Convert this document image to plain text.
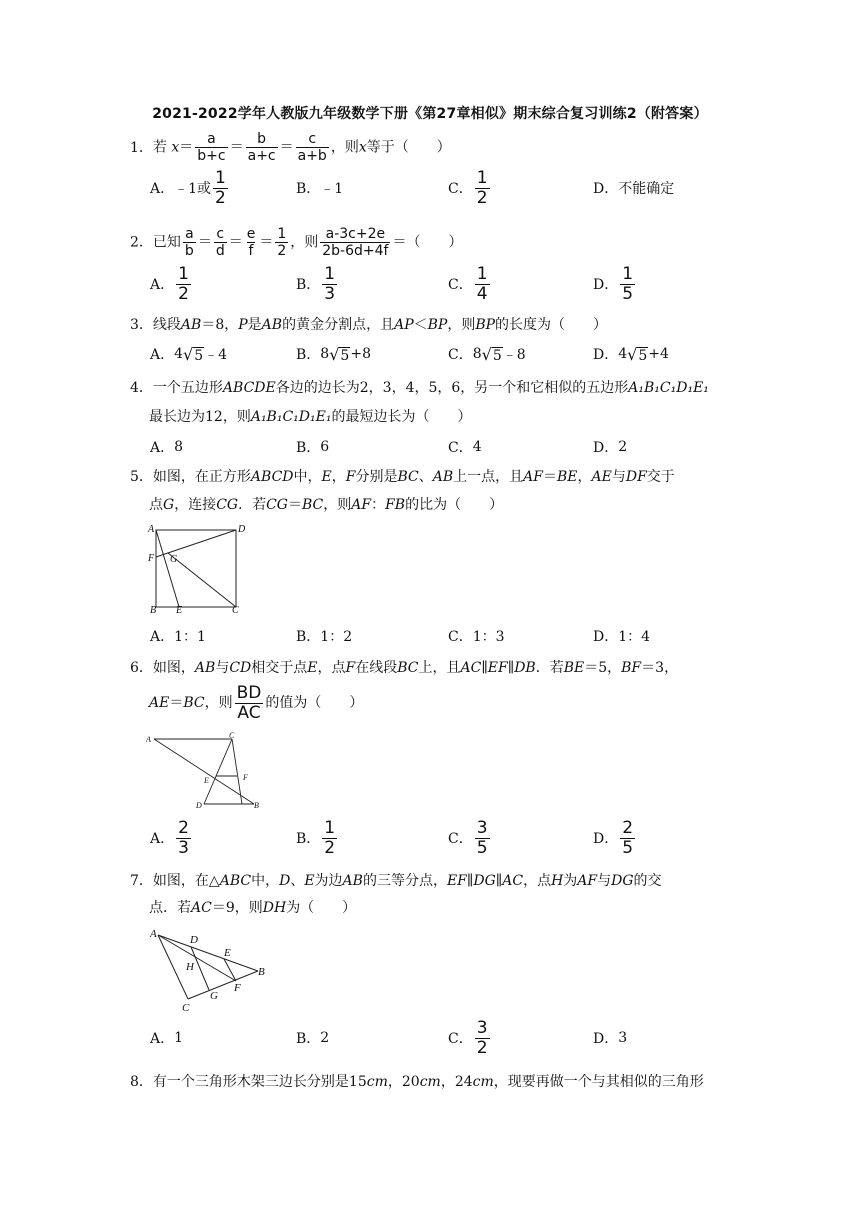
2021-2022学年人教版九年级数学下册《第27章相似》期末综合复习训练2（附答案）
1．若 $x= \frac{a}{b+c} = \frac{b}{a+c} = \frac{c}{a+b}$ ，则x等于（　　）
A． ﹣1或 $\frac{1}{2}$	B． ﹣1	C． $\frac{1}{2}$	D． 不能确定
2．已知 $\frac{a}{b} = \frac{c}{d} = \frac{e}{f} = \frac{1}{2}$ ，则 $\frac{a-3c+2e}{2b-6d+4f}$ ＝（　　）
A． $\frac{1}{2}$	B． $\frac{1}{3}$	C． $\frac{1}{4}$	D． $\frac{1}{5}$
3．线段AB＝8，P是AB的黄金分割点，且AP＜BP，则BP的长度为（　　）
A． 4 √ 5 ﹣4	B． 8 √ 5 +8	C． 8 √ 5 ﹣8	D． 4 √ 5 +4
4．一个五边形ABCDE各边的边长为2，3，4，5，6，另一个和它相似的五边形A₁B₁C₁D₁E₁
最长边为12，则A₁B₁C₁D₁E₁的最短边长为（　　）
A． 8	B． 6	C． 4	D． 2
5．如图，在正方形ABCD中，E，F分别是BC、AB上一点，且AF＝BE，AE与DF交于
点G，连接CG．若CG＝BC，则AF：FB的比为（　　）
A	D
F G
B E	C
A． 1：1	B． 1：2	C． 1：3	D． 1：4
6．如图，AB与CD相交于点E，点F在线段BC上，且AC∥EF∥DB．若BE＝5，BF＝3，
AE ＝ BC ，则 $\frac{BD}{AC}$ 的值为（　　）
A	C
E	F
D	B
A． $\frac{2}{3}$	B． $\frac{1}{2}$	C． $\frac{3}{5}$	D． $\frac{2}{5}$
7．如图，在△ABC中，D、E为边AB的三等分点，EF∥DG∥AC，点H为AF与DG的交
点．若AC＝9，则DH为（　　）
A	D
E
H	B
F
G
C
A． 1	B． 2	C． $\frac{3}{2}$	D． 3
8．有一个三角形木架三边长分别是15cm，20cm，24cm，现要再做一个与其相似的三角形
